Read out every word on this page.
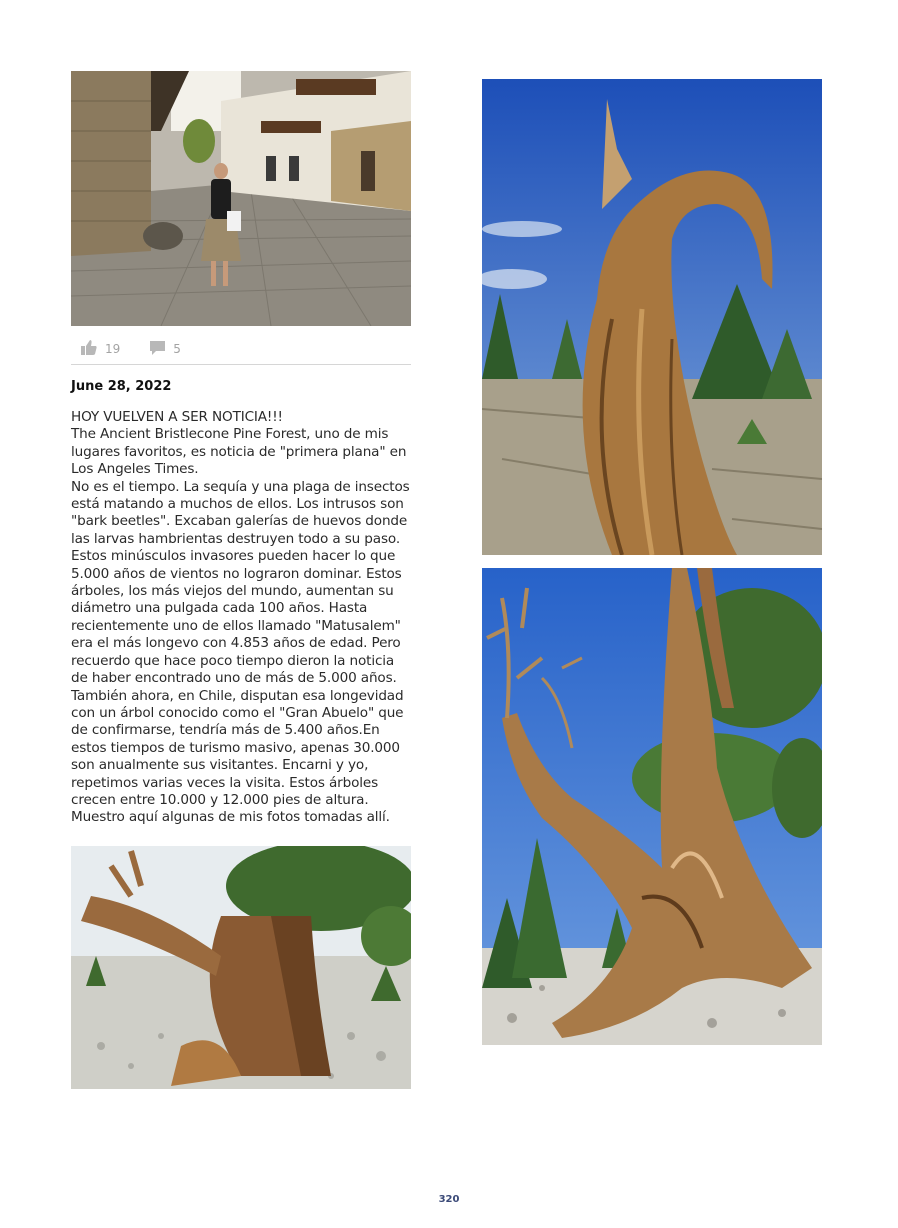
19	5
June 28, 2022

HOY VUELVEN A SER NOTICIA!!!

The Ancient Bristlecone Pine Forest, uno de mis

lugares favoritos, es noticia de "primera plana" en

Los Angeles Times.

No es el tiempo. La sequía y una plaga de insectos

está matando a muchos de ellos. Los intrusos son

"bark beetles". Excaban galerías de huevos donde

las larvas hambrientas destruyen todo a su paso.

Estos minúsculos invasores pueden hacer lo que

5.000 años de vientos no lograron dominar. Estos

árboles, los más viejos del mundo, aumentan su

diámetro una pulgada cada 100 años. Hasta

recientemente uno de ellos llamado "Matusalem"

era el más longevo con 4.853 años de edad. Pero

recuerdo que hace poco tiempo dieron la noticia

de haber encontrado uno de más de 5.000 años.

También ahora, en Chile, disputan esa longevidad

con un árbol conocido como el "Gran Abuelo" que

de confirmarse, tendría más de 5.400 años.En

estos tiempos de turismo masivo, apenas 30.000

son anualmente sus visitantes. Encarni y yo,

repetimos varias veces la visita. Estos árboles

crecen entre 10.000 y 12.000 pies de altura.

Muestro aquí algunas de mis fotos tomadas allí.

320
